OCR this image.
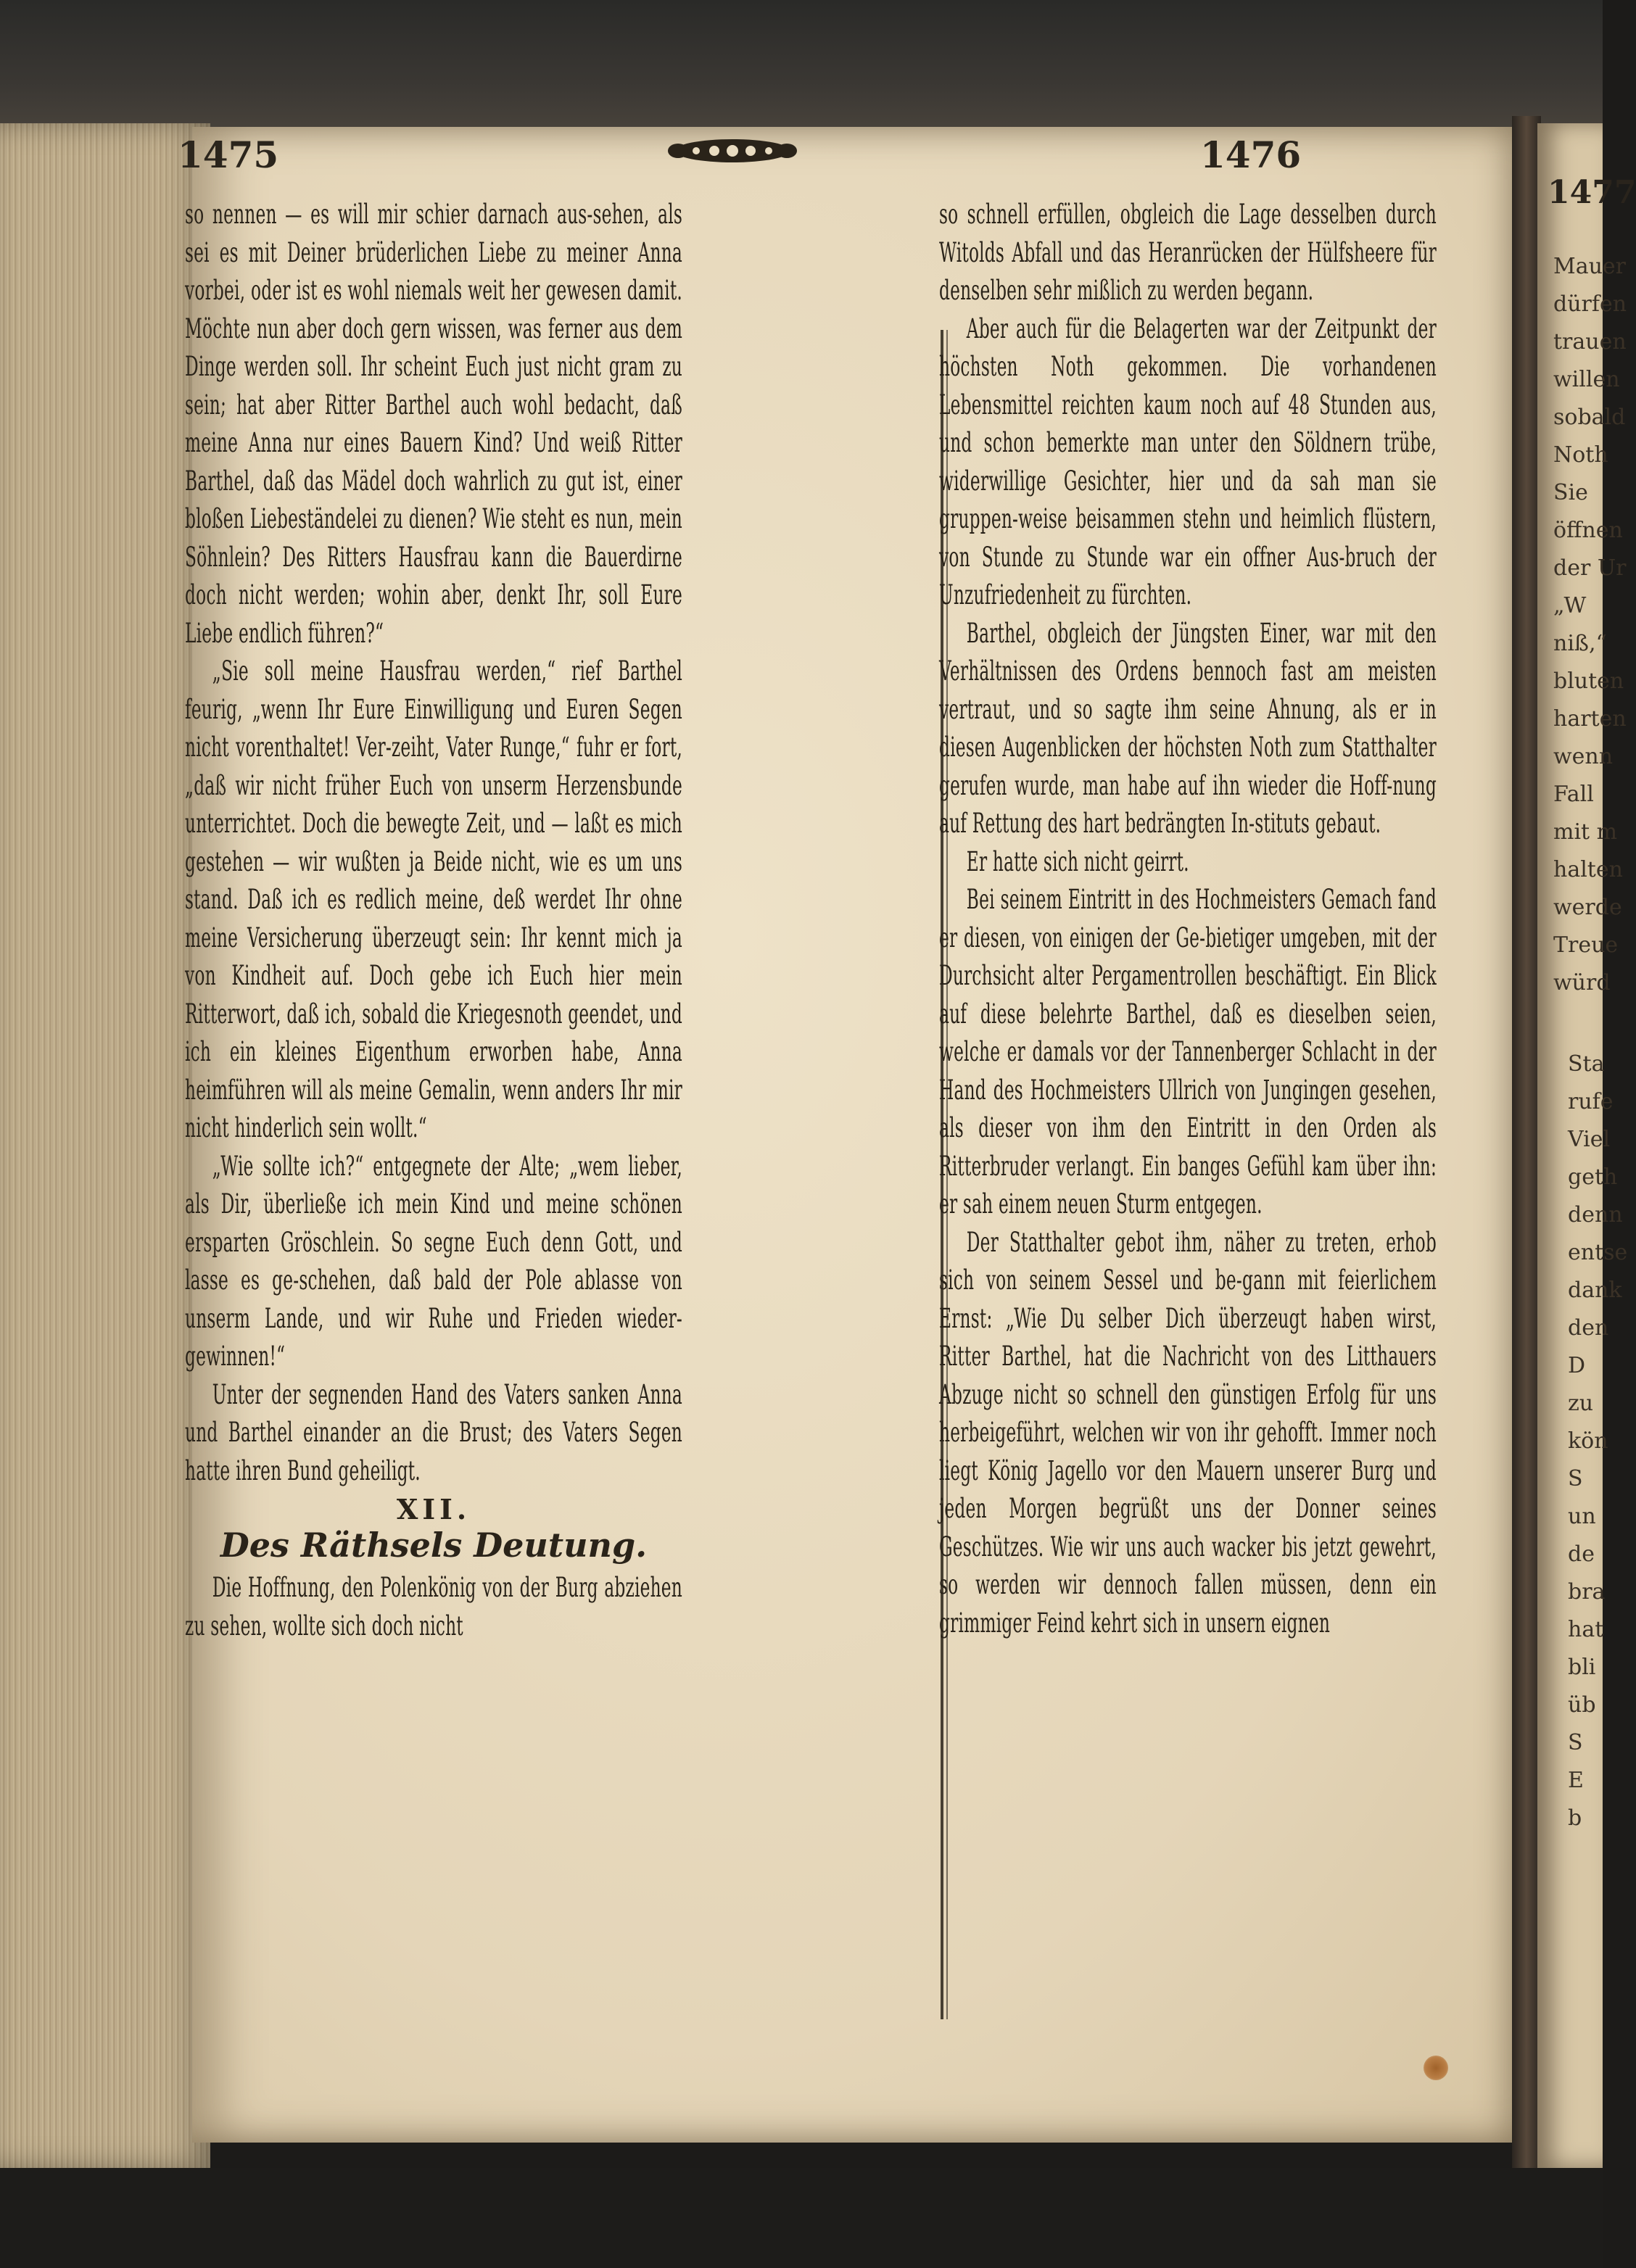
1475	1476

so nennen — es will mir schier darnach aus-sehen, als sei es mit Deiner brüderlichen Liebe zu meiner Anna vorbei, oder ist es wohl niemals weit her gewesen damit. Möchte nun aber doch gern wissen, was ferner aus dem Dinge werden soll. Ihr scheint Euch just nicht gram zu sein; hat aber Ritter Barthel auch wohl bedacht, daß meine Anna nur eines Bauern Kind? Und weiß Ritter Barthel, daß das Mädel doch wahrlich zu gut ist, einer bloßen Liebeständelei zu dienen? Wie steht es nun, mein Söhnlein? Des Ritters Hausfrau kann die Bauerdirne doch nicht werden; wohin aber, denkt Ihr, soll Eure Liebe endlich führen?“

„Sie soll meine Hausfrau werden,“ rief Barthel feurig, „wenn Ihr Eure Einwilligung und Euren Segen nicht vorenthaltet! Ver-zeiht, Vater Runge,“ fuhr er fort, „daß wir nicht früher Euch von unserm Herzensbunde unterrichtet. Doch die bewegte Zeit, und — laßt es mich gestehen — wir wußten ja Beide nicht, wie es um uns stand. Daß ich es redlich meine, deß werdet Ihr ohne meine Versicherung überzeugt sein: Ihr kennt mich ja von Kindheit auf. Doch gebe ich Euch hier mein Ritterwort, daß ich, sobald die Kriegesnoth geendet, und ich ein kleines Eigenthum erworben habe, Anna heimführen will als meine Gemalin, wenn anders Ihr mir nicht hinderlich sein wollt.“

„Wie sollte ich?“ entgegnete der Alte; „wem lieber, als Dir, überließe ich mein Kind und meine schönen ersparten Gröschlein. So segne Euch denn Gott, und lasse es ge-schehen, daß bald der Pole ablasse von unserm Lande, und wir Ruhe und Frieden wieder-gewinnen!“

Unter der segnenden Hand des Vaters sanken Anna und Barthel einander an die Brust; des Vaters Segen hatte ihren Bund geheiligt.

XII.
Des Räthsels Deutung.

Die Hoffnung, den Polenkönig von der Burg abziehen zu sehen, wollte sich doch nicht

so schnell erfüllen, obgleich die Lage desselben durch Witolds Abfall und das Heranrücken der Hülfsheere für denselben sehr mißlich zu werden begann.

Aber auch für die Belagerten war der Zeitpunkt der höchsten Noth gekommen. Die vorhandenen Lebensmittel reichten kaum noch auf 48 Stunden aus, und schon bemerkte man unter den Söldnern trübe, widerwillige Gesichter, hier und da sah man sie gruppen-weise beisammen stehn und heimlich flüstern, von Stunde zu Stunde war ein offner Aus-bruch der Unzufriedenheit zu fürchten.

Barthel, obgleich der Jüngsten Einer, war mit den Verhältnissen des Ordens bennoch fast am meisten vertraut, und so sagte ihm seine Ahnung, als er in diesen Augenblicken der höchsten Noth zum Statthalter gerufen wurde, man habe auf ihn wieder die Hoff-nung auf Rettung des hart bedrängten In-stituts gebaut.

Er hatte sich nicht geirrt.

Bei seinem Eintritt in des Hochmeisters Gemach fand er diesen, von einigen der Ge-bietiger umgeben, mit der Durchsicht alter Pergamentrollen beschäftigt. Ein Blick auf diese belehrte Barthel, daß es dieselben seien, welche er damals vor der Tannenberger Schlacht in der Hand des Hochmeisters Ullrich von Jungingen gesehen, als dieser von ihm den Eintritt in den Orden als Ritterbruder verlangt. Ein banges Gefühl kam über ihn: er sah einem neuen Sturm entgegen.

Der Statthalter gebot ihm, näher zu treten, erhob sich von seinem Sessel und be-gann mit feierlichem Ernst: „Wie Du selber Dich überzeugt haben wirst, Ritter Barthel, hat die Nachricht von des Litthauers Abzuge nicht so schnell den günstigen Erfolg für uns herbeigeführt, welchen wir von ihr gehofft. Immer noch liegt König Jagello vor den Mauern unserer Burg und jeden Morgen begrüßt uns der Donner seines Geschützes. Wie wir uns auch wacker bis jetzt gewehrt, so werden wir dennoch fallen müssen, denn ein grimmiger Feind kehrt sich in unsern eignen

1477
Mauer
dürfen
trauen
willen
sobald
Noth
Sie
öffnen
der Ur
„W
niß,“
bluten
harten
wenn
Fall
mit m
halten
werde
Treue
würd
Sta
rufe
Viel
geth
denn
entse
dank
den
D
zu
kön
S
un
de
bra
hat
bli
üb
S
E
b
